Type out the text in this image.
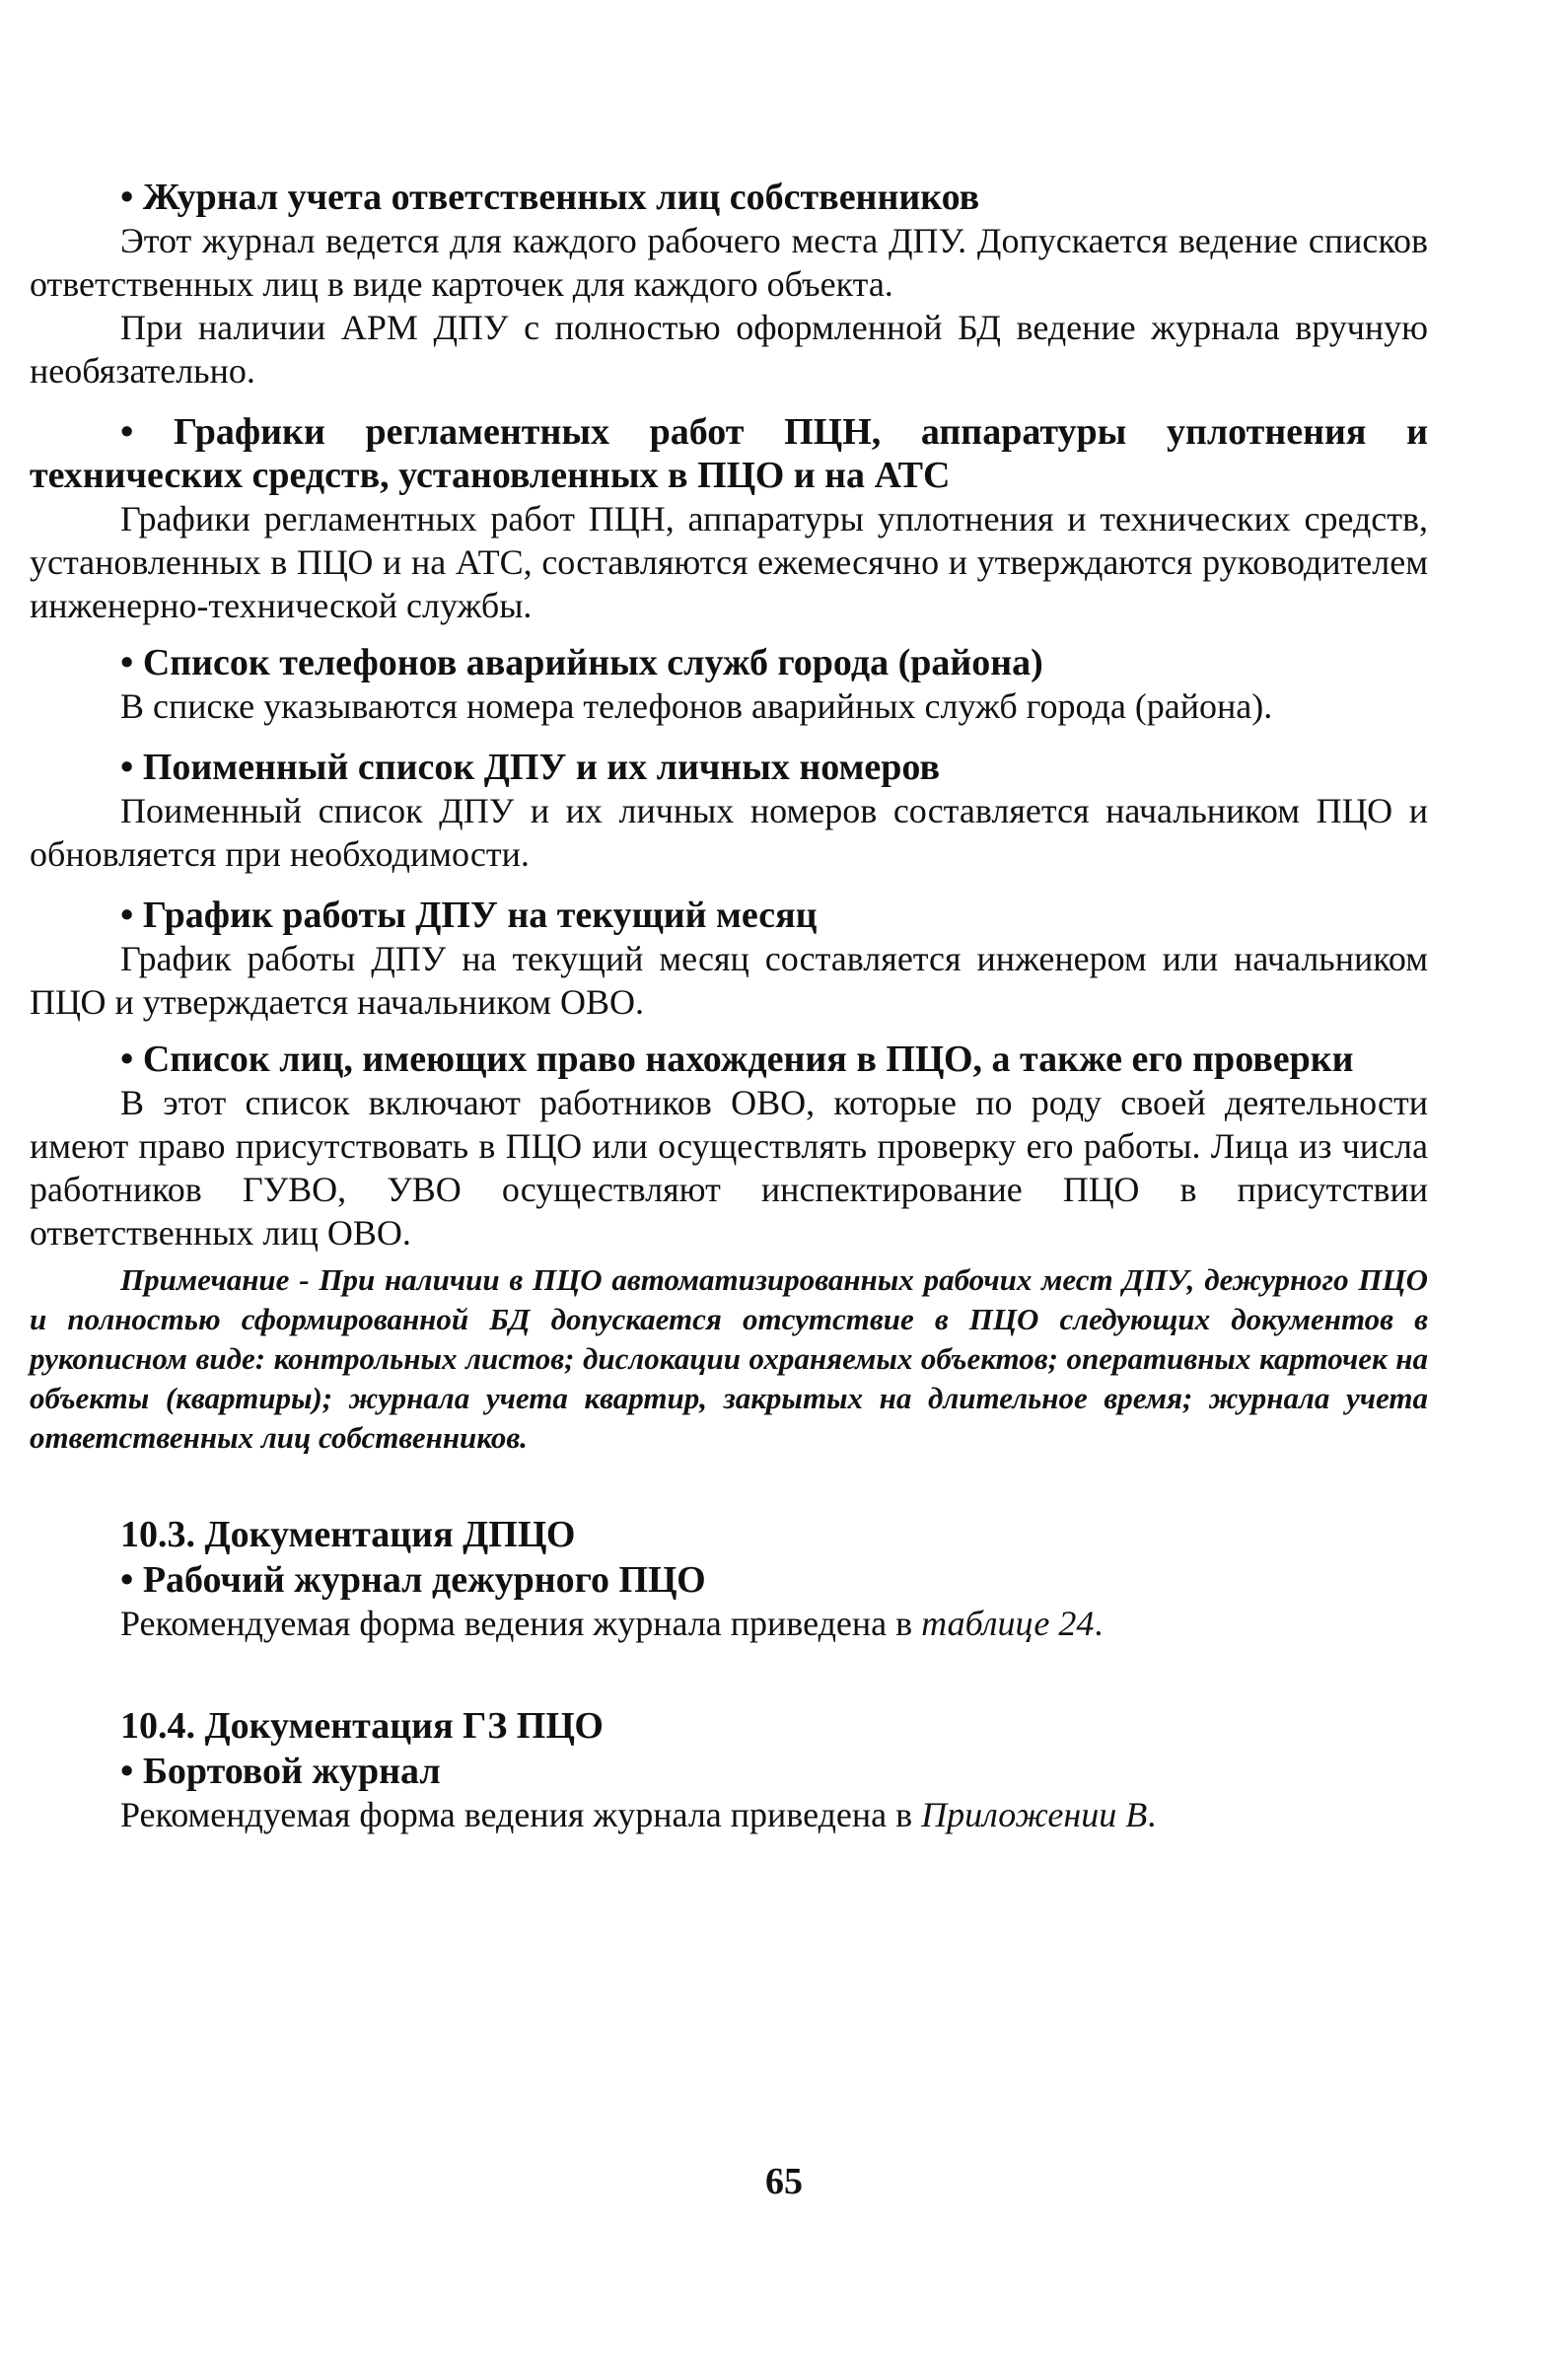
• Журнал учета ответственных лиц собственников

Этот журнал ведется для каждого рабочего места ДПУ. Допускается ведение списков ответственных лиц в виде карточек для каждого объекта.

При наличии АРМ ДПУ с полностью оформленной БД ведение журнала вручную необязательно.

• Графики регламентных работ ПЦН, аппаратуры уплотнения и технических средств, установленных в ПЦО и на АТС

Графики регламентных работ ПЦН, аппаратуры уплотнения и технических средств, установленных в ПЦО и на АТС, составляются ежемесячно и утверждаются руководителем инженерно-технической службы.

• Список телефонов аварийных служб города (района)

В списке указываются номера телефонов аварийных служб города (района).

• Поименный список ДПУ и их личных номеров

Поименный список ДПУ и их личных номеров составляется начальником ПЦО и обновляется при необходимости.

• График работы ДПУ на текущий месяц

График работы ДПУ на текущий месяц составляется инженером или начальником ПЦО и утверждается начальником ОВО.

• Список лиц, имеющих право нахождения в ПЦО, а также его проверки

В этот список включают работников ОВО, которые по роду своей деятельности имеют право присутствовать в ПЦО или осуществлять проверку его работы. Лица из числа работников ГУВО, УВО осуществляют инспектирование ПЦО в присутствии ответственных лиц ОВО.

Примечание - При наличии в ПЦО автоматизированных рабочих мест ДПУ, дежурного ПЦО и полностью сформированной БД допускается отсутствие в ПЦО следующих документов в рукописном виде: контрольных листов; дислокации охраняемых объектов; оперативных карточек на объекты (квартиры); журнала учета квартир, закрытых на длительное время; журнала учета ответственных лиц собственников.

10.3. Документация ДПЦО

• Рабочий журнал дежурного ПЦО

Рекомендуемая форма ведения журнала приведена в таблице 24.

10.4. Документация ГЗ ПЦО

• Бортовой журнал

Рекомендуемая форма ведения журнала приведена в Приложении В.

65
